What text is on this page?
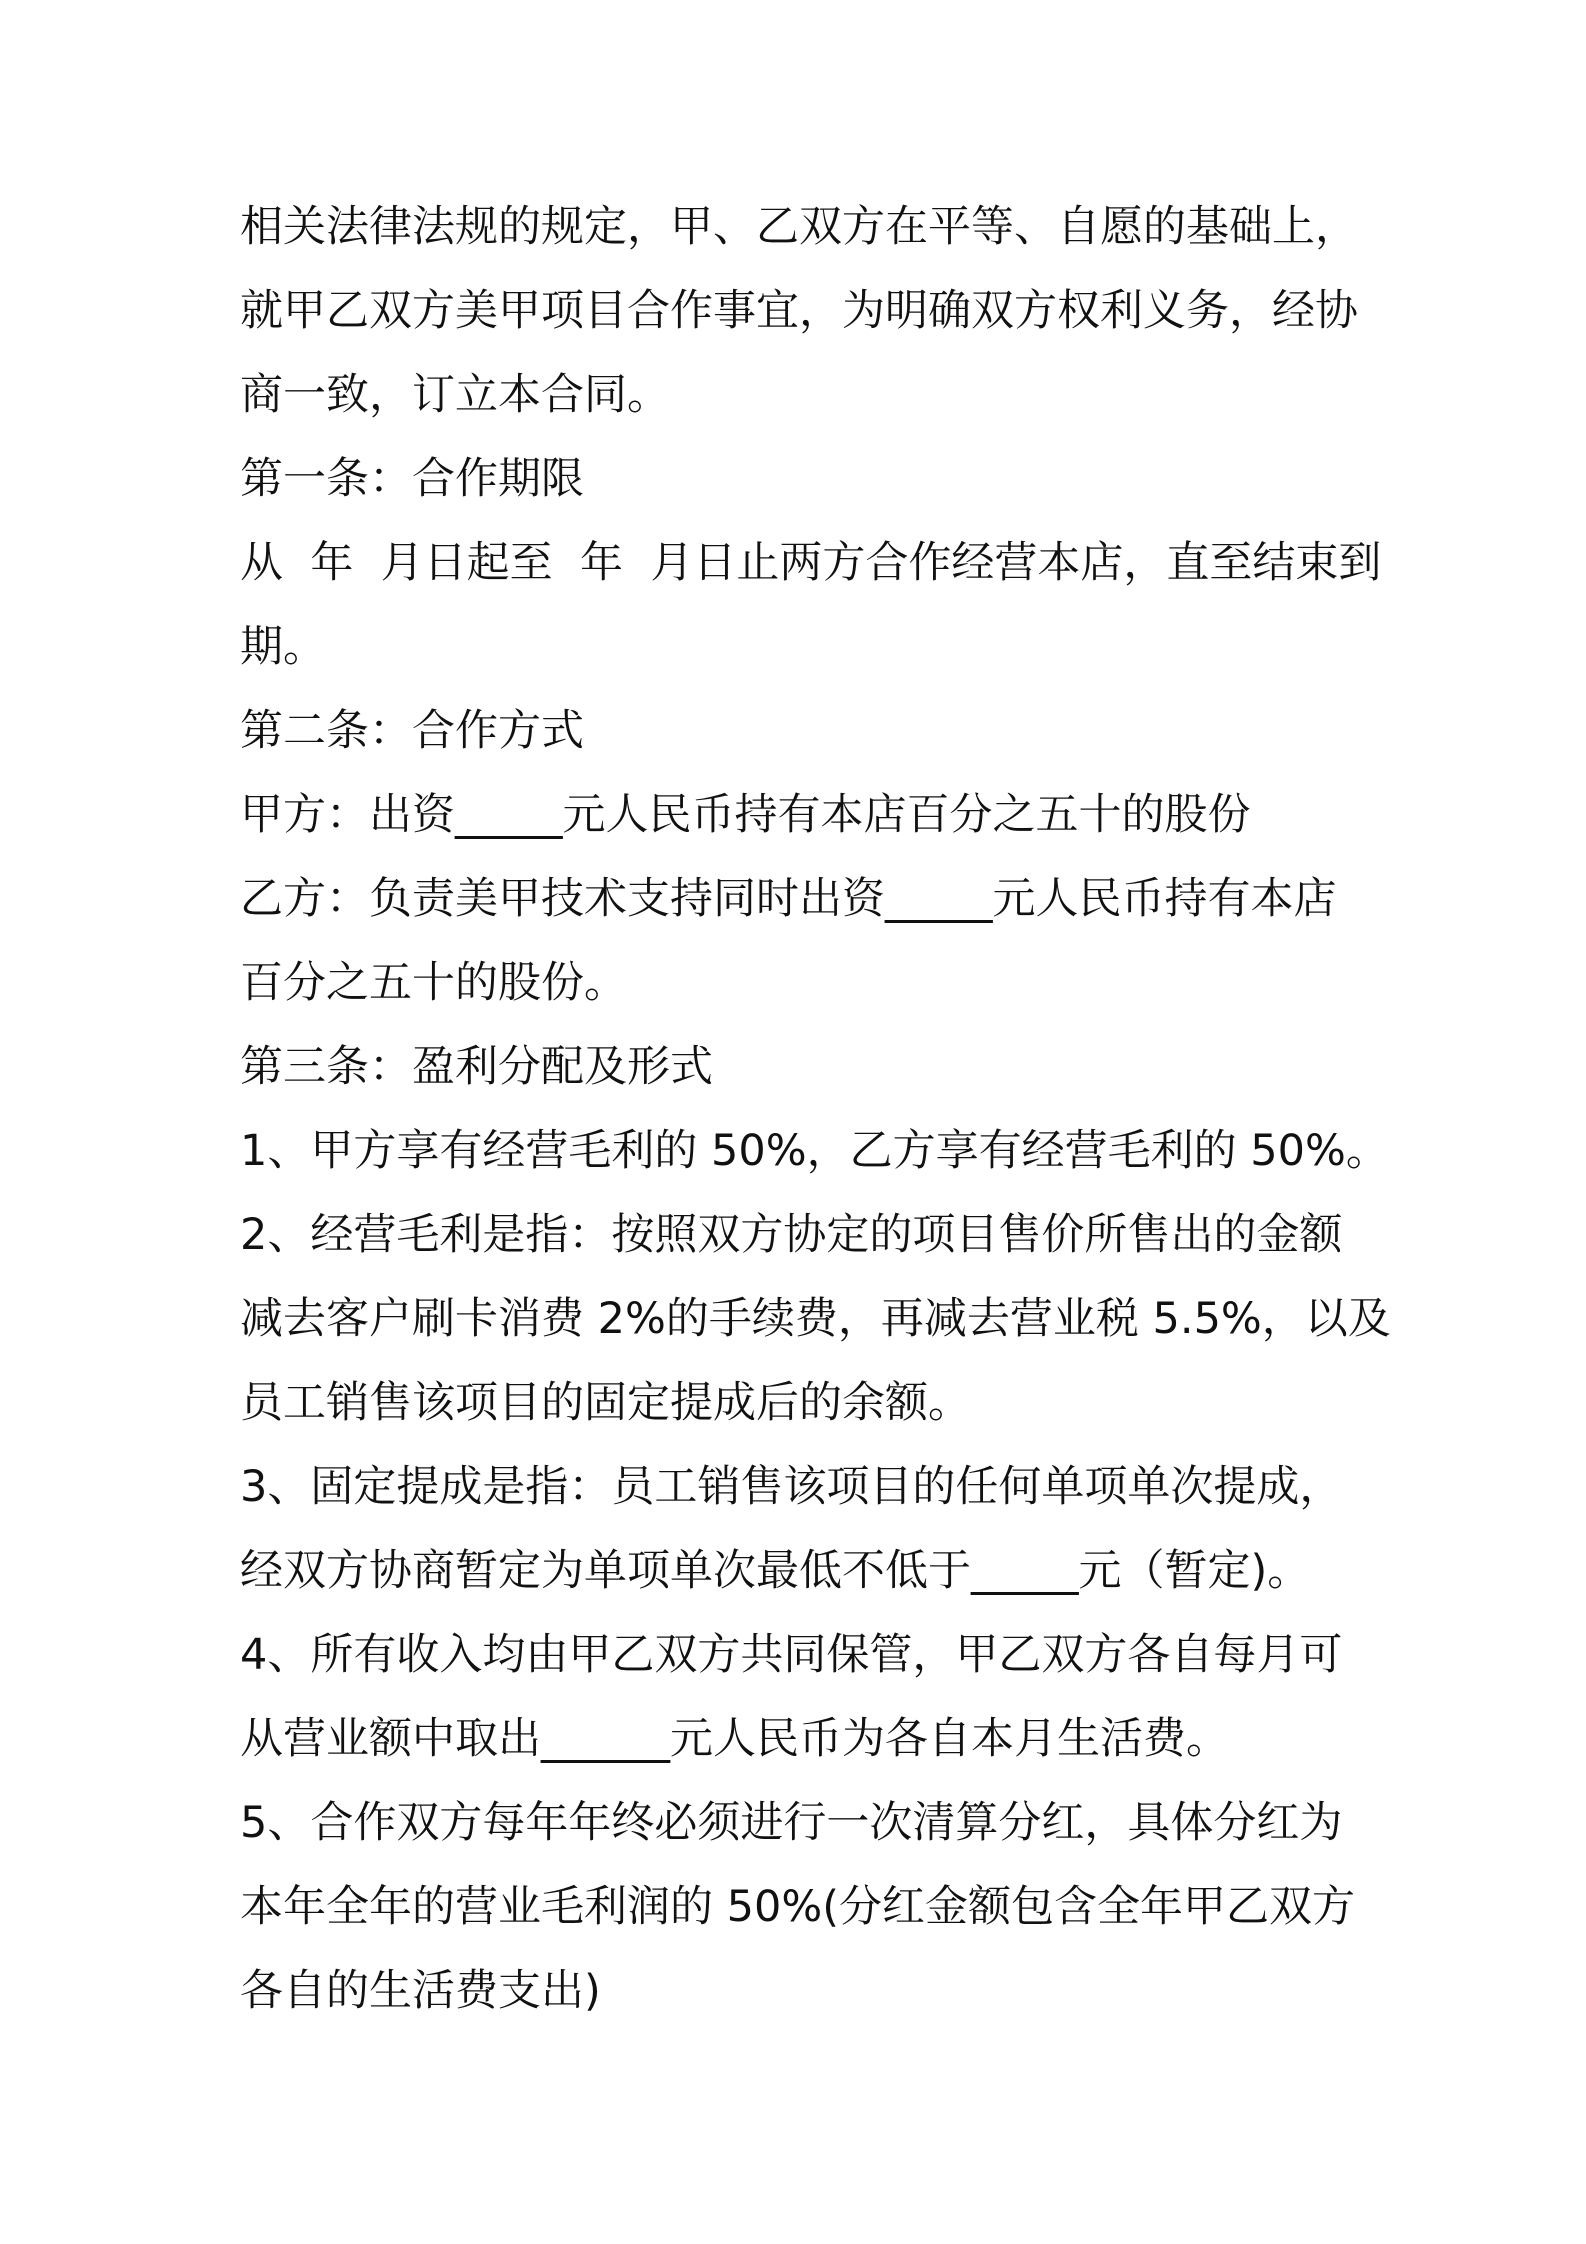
相关法律法规的规定，甲、乙双方在平等、自愿的基础上，
就甲乙双方美甲项目合作事宜，为明确双方权利义务，经协
商一致，订立本合同。
第一条：合作期限
从  年  月日起至  年  月日止两方合作经营本店，直至结束到
期。
第二条：合作方式
甲方：出资_____元人民币持有本店百分之五十的股份
乙方：负责美甲技术支持同时出资_____元人民币持有本店
百分之五十的股份。
第三条：盈利分配及形式
1、甲方享有经营毛利的 50%，乙方享有经营毛利的 50%。
2、经营毛利是指：按照双方协定的项目售价所售出的金额
减去客户刷卡消费 2%的手续费，再减去营业税 5.5%，以及
员工销售该项目的固定提成后的余额。
3、固定提成是指：员工销售该项目的任何单项单次提成，
经双方协商暂定为单项单次最低不低于_____元（暂定)。
4、所有收入均由甲乙双方共同保管，甲乙双方各自每月可
从营业额中取出______元人民币为各自本月生活费。
5、合作双方每年年终必须进行一次清算分红，具体分红为
本年全年的营业毛利润的 50%(分红金额包含全年甲乙双方
各自的生活费支出)
